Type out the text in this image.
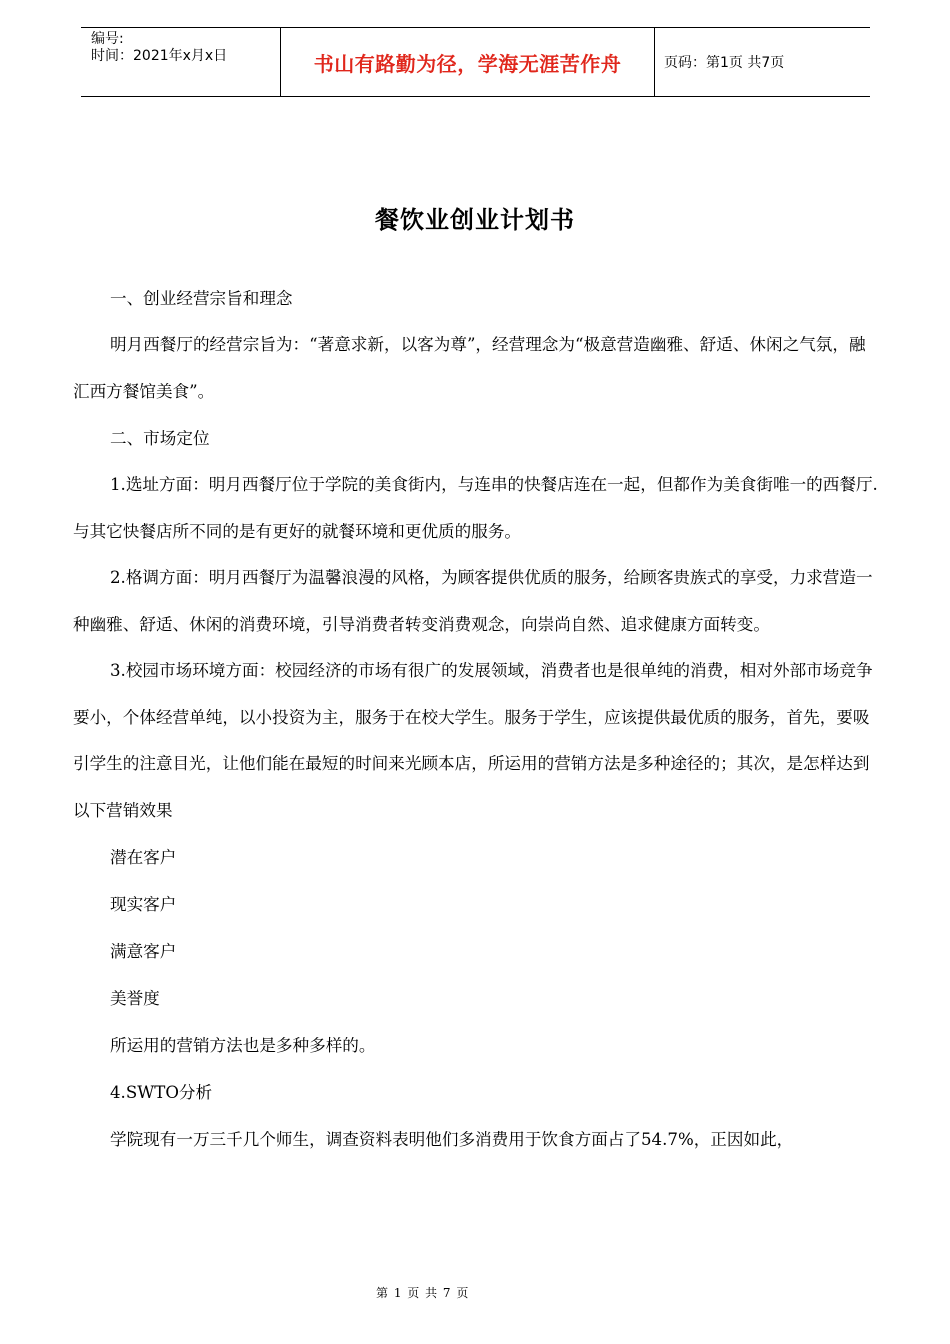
编号:
时间：2021年x月x日	书山有路勤为径，学海无涯苦作舟	页码：第1页 共7页
餐饮业创业计划书

一、创业经营宗旨和理念

明月西餐厅的经营宗旨为：“著意求新，以客为尊”，经营理念为“极意营造幽雅、舒适、休闲之气氛，融汇西方餐馆美食”。

二、市场定位

1.选址方面：明月西餐厅位于学院的美食街内，与连串的快餐店连在一起，但都作为美食街唯一的西餐厅.与其它快餐店所不同的是有更好的就餐环境和更优质的服务。

2.格调方面：明月西餐厅为温馨浪漫的风格，为顾客提供优质的服务，给顾客贵族式的享受，力求营造一种幽雅、舒适、休闲的消费环境，引导消费者转变消费观念，向崇尚自然、追求健康方面转变。

3.校园市场环境方面：校园经济的市场有很广的发展领域，消费者也是很单纯的消费，相对外部市场竞争要小，个体经营单纯，以小投资为主，服务于在校大学生。服务于学生，应该提供最优质的服务，首先，要吸引学生的注意目光，让他们能在最短的时间来光顾本店，所运用的营销方法是多种途径的；其次，是怎样达到以下营销效果

潜在客户

现实客户

满意客户

美誉度

所运用的营销方法也是多种多样的。

4.SWTO分析

学院现有一万三千几个师生，调查资料表明他们多消费用于饮食方面占了54.7%，正因如此，

第 1 页 共 7 页
